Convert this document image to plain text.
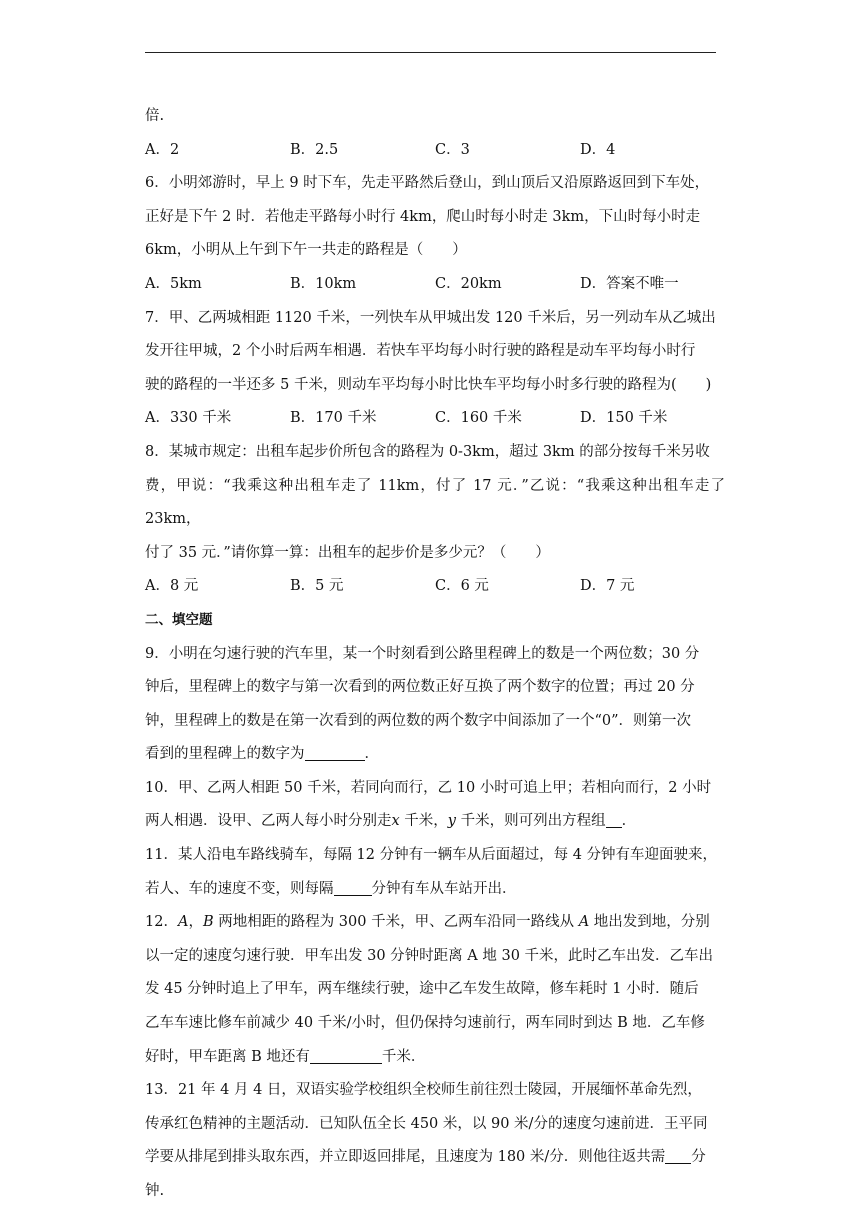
倍.

A．2	B．2.5	C．3	D．4

6．小明郊游时，早上 9 时下车，先走平路然后登山，到山顶后又沿原路返回到下车处，

正好是下午 2 时．若他走平路每小时行 4km，爬山时每小时走 3km，下山时每小时走

6km，小明从上午到下午一共走的路程是（　　）

A．5km	B．10km	C．20km	D．答案不唯一

7．甲、乙两城相距 1120 千米，一列快车从甲城出发 120 千米后，另一列动车从乙城出

发开往甲城，2 个小时后两车相遇．若快车平均每小时行驶的路程是动车平均每小时行

驶的路程的一半还多 5 千米，则动车平均每小时比快车平均每小时多行驶的路程为(　　)

A．330 千米	B．170 千米	C．160 千米	D．150 千米

8．某城市规定：出租车起步价所包含的路程为 0-3km，超过 3km 的部分按每千米另收

费，甲说：“我乘这种出租车走了 11km，付了 17 元．”乙说：“我乘这种出租车走了 23km，

付了 35 元．”请你算一算：出租车的起步价是多少元？（　　）

A．8 元	B．5 元	C．6 元	D．7 元

二、填空题

9．小明在匀速行驶的汽车里，某一个时刻看到公路里程碑上的数是一个两位数；30 分

钟后，里程碑上的数字与第一次看到的两位数正好互换了两个数字的位置；再过 20 分

钟，里程碑上的数是在第一次看到的两位数的两个数字中间添加了一个“0”．则第一次

看到的里程碑上的数字为	．

10．甲、乙两人相距 50 千米，若同向而行，乙 10 小时可追上甲；若相向而行，2 小时

两人相遇．设甲、乙两人每小时分别走x 千米，y 千米，则可列出方程组 ．

11．某人沿电车路线骑车，每隔 12 分钟有一辆车从后面超过，每 4 分钟有车迎面驶来，

若人、车的速度不变，则每隔	分钟有车从车站开出．

12．A，B 两地相距的路程为 300 千米，甲、乙两车沿同一路线从 A 地出发到地，分别

以一定的速度匀速行驶．甲车出发 30 分钟时距离 A 地 30 千米，此时乙车出发．乙车出

发 45 分钟时追上了甲车，两车继续行驶，途中乙车发生故障，修车耗时 1 小时．随后

乙车车速比修车前减少 40 千米/小时，但仍保持匀速前行，两车同时到达 B 地．乙车修

好时，甲车距离 B 地还有	千米．

13．21 年 4 月 4 日，双语实验学校组织全校师生前往烈士陵园，开展缅怀革命先烈，

传承红色精神的主题活动．已知队伍全长 450 米，以 90 米/分的速度匀速前进．王平同

学要从排尾到排头取东西，并立即返回排尾，且速度为 180 米/分．则他往返共需 分

钟.
